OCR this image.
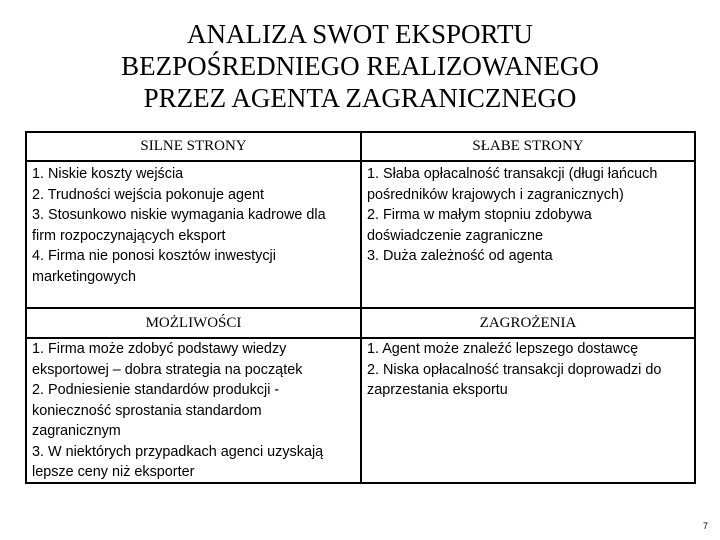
ANALIZA SWOT EKSPORTU
BEZPOŚREDNIEGO REALIZOWANEGO
PRZEZ AGENTA ZAGRANICZNEGO
SILNE STRONY	SŁABE STRONY

1. Niskie koszty wejścia

2. Trudności wejścia pokonuje agent

3. Stosunkowo niskie wymagania kadrowe dla firm rozpoczynających eksport

4. Firma nie ponosi kosztów inwestycji marketingowych

1. Słaba opłacalność transakcji (długi łańcuch pośredników krajowych i zagranicznych)

2. Firma w małym stopniu zdobywa doświadczenie zagraniczne

3. Duża zależność od agenta

MOŻLIWOŚCI	ZAGROŻENIA

1. Firma może zdobyć podstawy wiedzy eksportowej – dobra strategia na początek

2. Podniesienie standardów produkcji - konieczność sprostania standardom zagranicznym

3. W niektórych przypadkach agenci uzyskają lepsze ceny niż eksporter

1. Agent może znaleźć lepszego dostawcę

2. Niska opłacalność transakcji doprowadzi do zaprzestania eksportu

7
